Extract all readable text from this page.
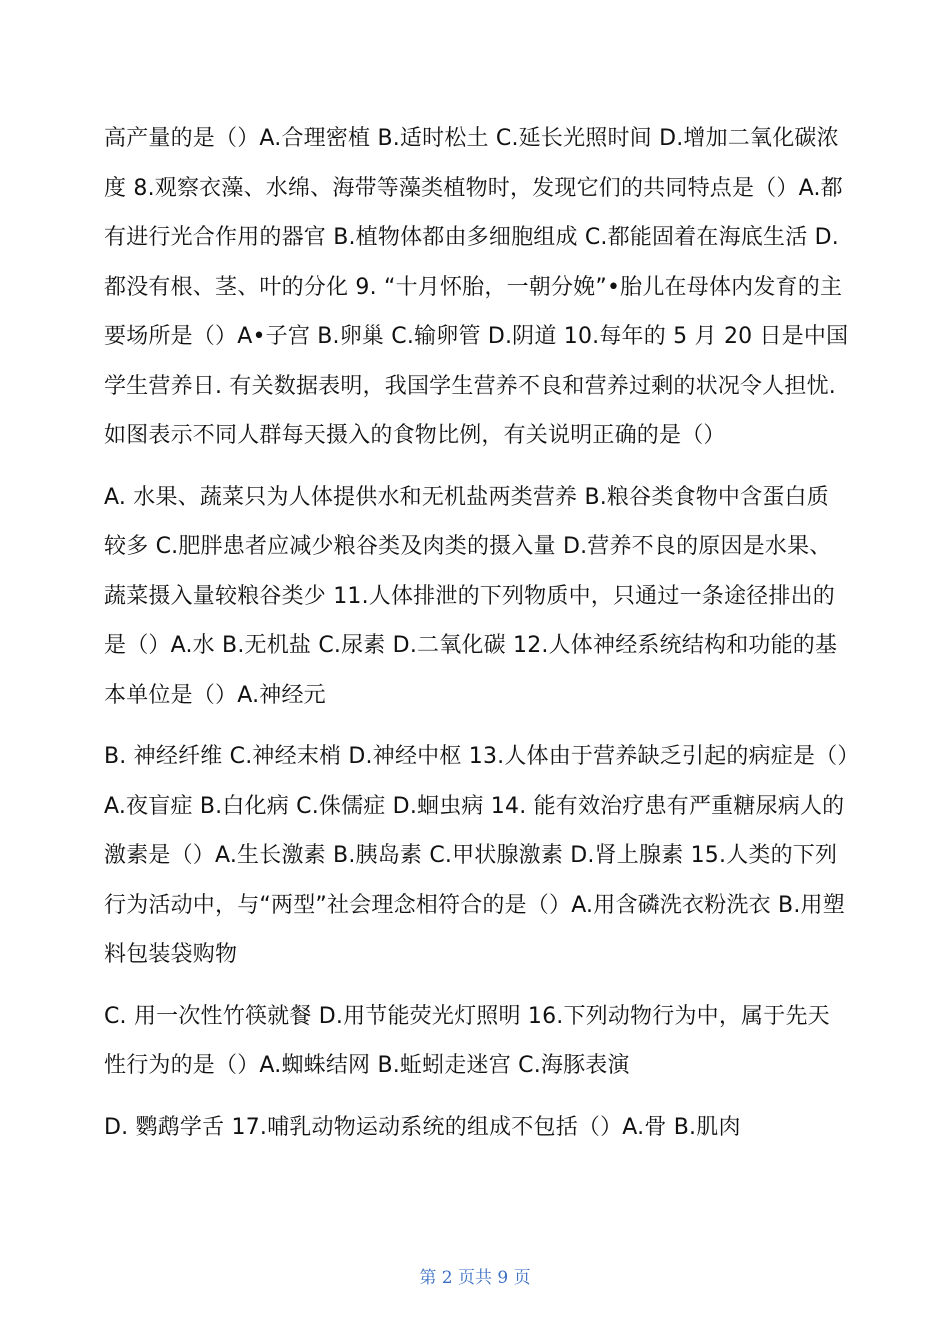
高产量的是（）A.合理密植 B.适时松土 C.延长光照时间 D.增加二氧化碳浓度 8.观察衣藻、水绵、海带等藻类植物时，发现它们的共同特点是（）A.都有进行光合作用的器官 B.植物体都由多细胞组成 C.都能固着在海底生活 D.都没有根、茎、叶的分化 9. “十月怀胎，一朝分娩”•胎儿在母体内发育的主要场所是（）A•子宫 B.卵巢 C.输卵管 D.阴道 10.每年的 5 月 20 日是中国学生营养日. 有关数据表明，我国学生营养不良和营养过剩的状况令人担忧. 如图表示不同人群每天摄入的食物比例，有关说明正确的是（）

A. 水果、蔬菜只为人体提供水和无机盐两类营养 B.粮谷类食物中含蛋白质较多 C.肥胖患者应减少粮谷类及肉类的摄入量 D.营养不良的原因是水果、蔬菜摄入量较粮谷类少 11.人体排泄的下列物质中，只通过一条途径排出的是（）A.水 B.无机盐 C.尿素 D.二氧化碳 12.人体神经系统结构和功能的基本单位是（）A.神经元

B. 神经纤维 C.神经末梢 D.神经中枢 13.人体由于营养缺乏引起的病症是（）A.夜盲症 B.白化病 C.侏儒症 D.蛔虫病 14. 能有效治疗患有严重糖尿病人的激素是（）A.生长激素 B.胰岛素 C.甲状腺激素 D.肾上腺素 15.人类的下列行为活动中，与“两型”社会理念相符合的是（）A.用含磷洗衣粉洗衣 B.用塑料包装袋购物

C. 用一次性竹筷就餐 D.用节能荧光灯照明 16.下列动物行为中，属于先天性行为的是（）A.蜘蛛结网 B.蚯蚓走迷宫 C.海豚表演

D. 鹦鹉学舌 17.哺乳动物运动系统的组成不包括（）A.骨 B.肌肉

第 2 页共 9 页
